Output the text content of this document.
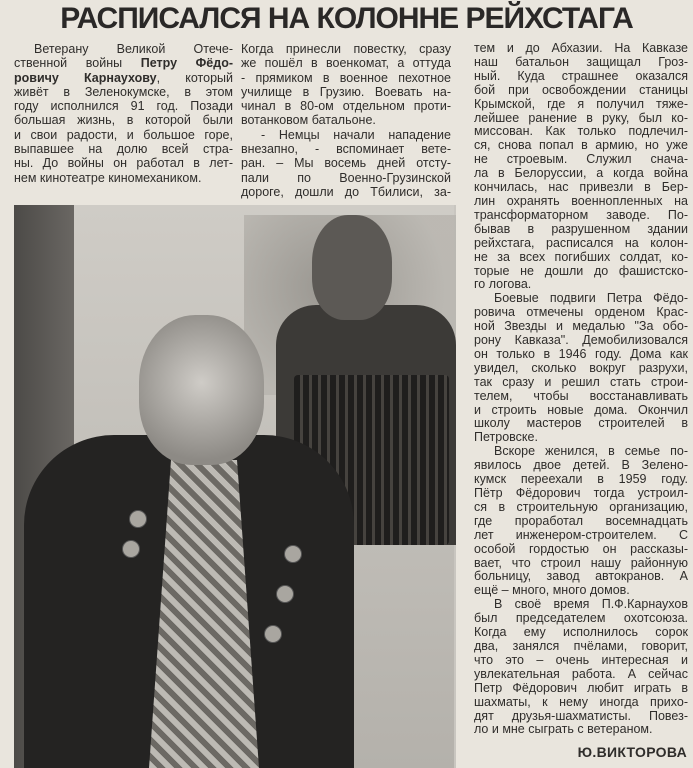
РАСПИСАЛСЯ НА КОЛОННЕ РЕЙХСТАГА
Ветерану Великой Отече-
ственной войны Петру Фёдо-
ровичу Карнаухову, который
живёт в Зеленокумске, в этом
году исполнился 91 год. Позади
большая жизнь, в которой были
и свои радости, и большое горе,
выпавшее на долю всей стра-
ны. До войны он работал в лет-
нем кинотеатре киномехаником.
Когда принесли повестку, сразу
же пошёл в военкомат, а оттуда
- прямиком в военное пехотное
училище в Грузию. Воевать на-
чинал в 80-ом отдельном проти-
вотанковом батальоне.
- Немцы начали нападение
внезапно, - вспоминает вете-
ран. – Мы восемь дней отсту-
пали по Военно-Грузинской
дороге, дошли до Тбилиси, за-
тем и до Абхазии. На Кавказе
наш батальон защищал Гроз-
ный. Куда страшнее оказался
бой при освобождении станицы
Крымской, где я получил тяже-
лейшее ранение в руку, был ко-
миссован. Как только подлечил-
ся, снова попал в армию, но уже
не строевым. Служил снача-
ла в Белоруссии, а когда война
кончилась, нас привезли в Бер-
лин охранять военнопленных на
трансформаторном заводе. По-
бывав в разрушенном здании
рейхстага, расписался на колон-
не за всех погибших солдат, ко-
торые не дошли до фашистско-
го логова.
Боевые подвиги Петра Фёдо-
ровича отмечены орденом Крас-
ной Звезды и медалью "За обо-
рону Кавказа". Демобилизовался
он только в 1946 году. Дома как
увидел, сколько вокруг разрухи,
так сразу и решил стать строи-
телем, чтобы восстанавливать
и строить новые дома. Окончил
школу мастеров строителей в
Петровске.
Вскоре женился, в семье по-
явилось двое детей. В Зелено-
кумск переехали в 1959 году.
Пётр Фёдорович тогда устроил-
ся в строительную организацию,
где проработал восемнадцать
лет инженером-строителем. С
особой гордостью он рассказы-
вает, что строил нашу районную
больницу, завод автокранов. А
ещё – много, много домов.
В своё время П.Ф.Карнаухов
был председателем охотсоюза.
Когда ему исполнилось сорок
два, занялся пчёлами, говорит,
что это – очень интересная и
увлекательная работа. А сейчас
Петр Фёдорович любит играть в
шахматы, к нему иногда прихо-
дят друзья-шахматисты. Повез-
ло и мне сыграть с ветераном.
Ю.ВИКТОРОВА
